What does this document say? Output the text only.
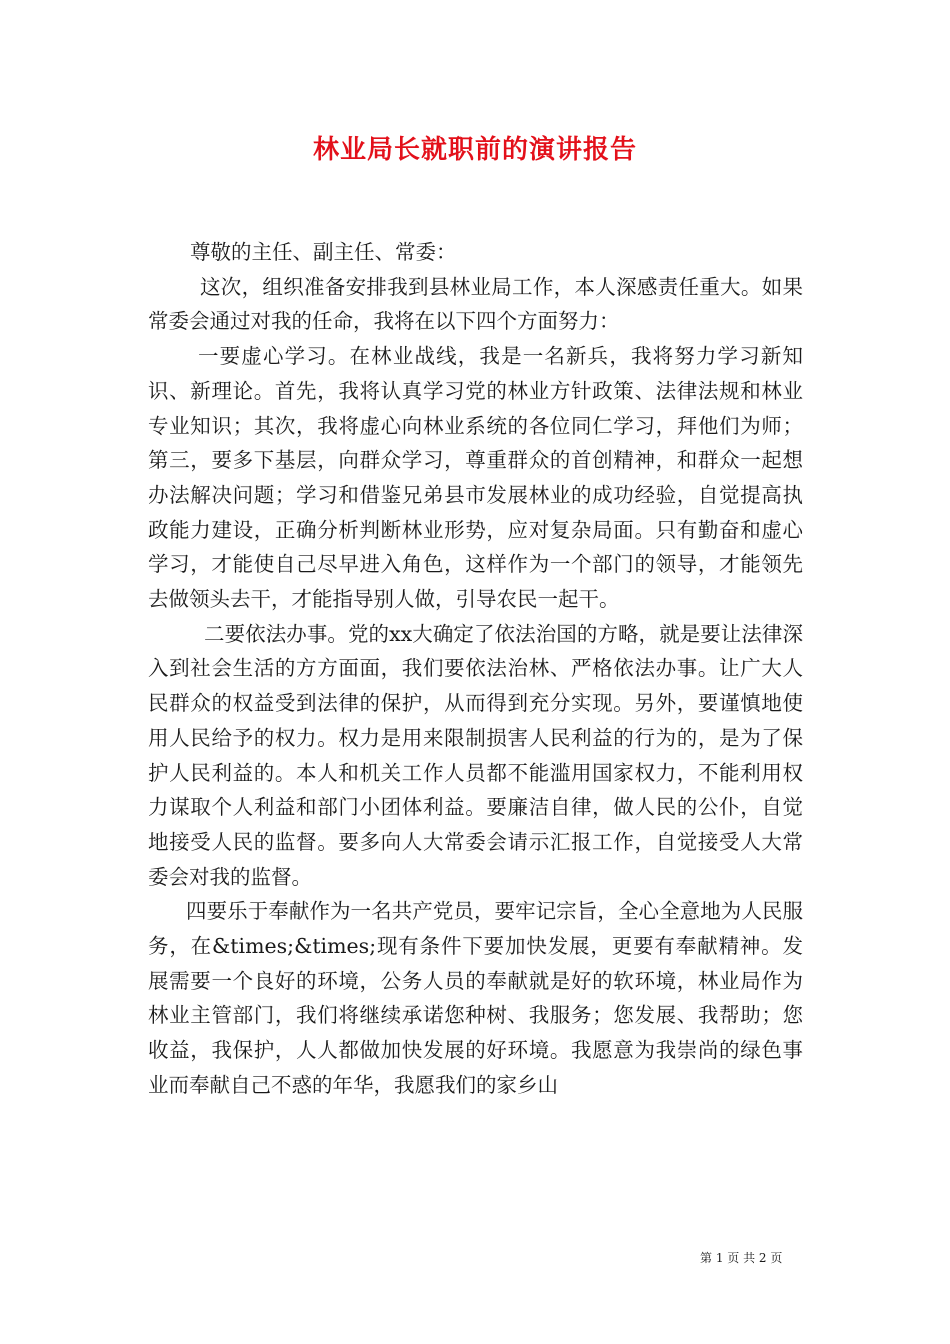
林业局长就职前的演讲报告

尊敬的主任、副主任、常委：

这次，组织准备安排我到县林业局工作，本人深感责任重大。如果常委会通过对我的任命，我将在以下四个方面努力：

一要虚心学习。在林业战线，我是一名新兵，我将努力学习新知识、新理论。首先，我将认真学习党的林业方针政策、法律法规和林业专业知识；其次，我将虚心向林业系统的各位同仁学习，拜他们为师；第三，要多下基层，向群众学习，尊重群众的首创精神，和群众一起想办法解决问题；学习和借鉴兄弟县市发展林业的成功经验，自觉提高执政能力建设，正确分析判断林业形势，应对复杂局面。只有勤奋和虚心学习，才能使自己尽早进入角色，这样作为一个部门的领导，才能领先去做领头去干，才能指导别人做，引导农民一起干。

二要依法办事。党的xx大确定了依法治国的方略，就是要让法律深入到社会生活的方方面面，我们要依法治林、严格依法办事。让广大人民群众的权益受到法律的保护，从而得到充分实现。另外，要谨慎地使用人民给予的权力。权力是用来限制损害人民利益的行为的，是为了保护人民利益的。本人和机关工作人员都不能滥用国家权力，不能利用权力谋取个人利益和部门小团体利益。要廉洁自律，做人民的公仆，自觉地接受人民的监督。要多向人大常委会请示汇报工作，自觉接受人大常委会对我的监督。

四要乐于奉献作为一名共产党员，要牢记宗旨，全心全意地为人民服务，在&times;&times;现有条件下要加快发展，更要有奉献精神。发展需要一个良好的环境，公务人员的奉献就是好的软环境，林业局作为林业主管部门，我们将继续承诺您种树、我服务；您发展、我帮助；您收益，我保护，人人都做加快发展的好环境。我愿意为我崇尚的绿色事业而奉献自己不惑的年华，我愿我们的家乡山

第 1 页 共 2 页
